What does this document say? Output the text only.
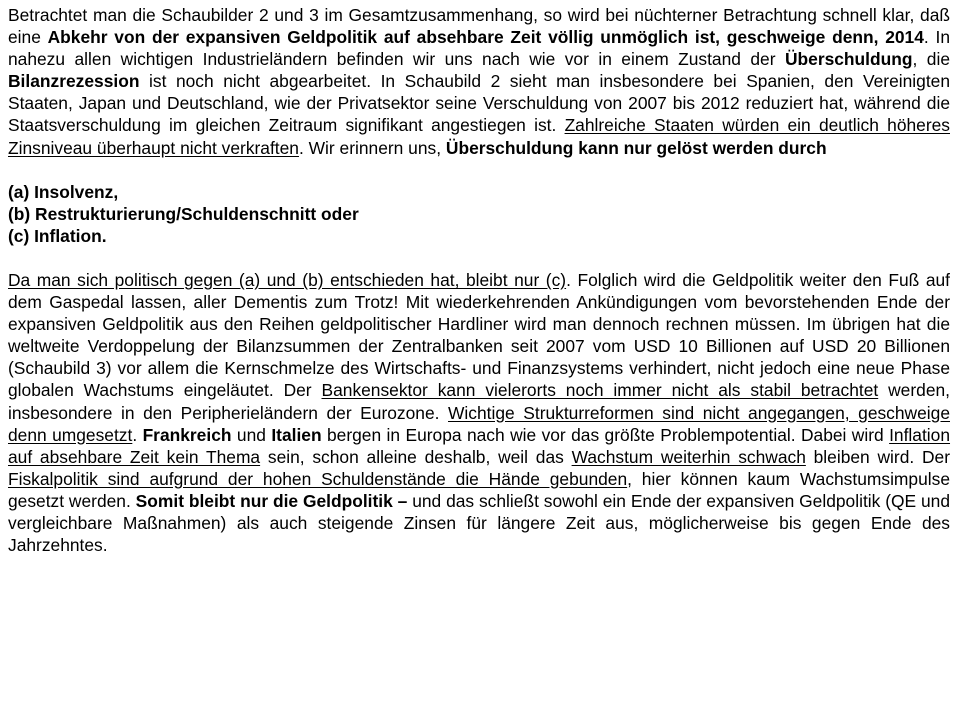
Betrachtet man die Schaubilder 2 und 3 im Gesamtzusammenhang, so wird bei nüchterner Betrachtung schnell klar, daß eine Abkehr von der expansiven Geldpolitik auf absehbare Zeit völlig unmöglich ist, geschweige denn, 2014. In nahezu allen wichtigen Industrieländern befinden wir uns nach wie vor in einem Zustand der Überschuldung, die Bilanzrezession ist noch nicht abgearbeitet. In Schaubild 2 sieht man insbesondere bei Spanien, den Vereinigten Staaten, Japan und Deutschland, wie der Privatsektor seine Verschuldung von 2007 bis 2012 reduziert hat, während die Staatsverschuldung im gleichen Zeitraum signifikant angestiegen ist. Zahlreiche Staaten würden ein deutlich höheres Zinsniveau überhaupt nicht verkraften. Wir erinnern uns, Überschuldung kann nur gelöst werden durch

(a) Insolvenz,
(b) Restrukturierung/Schuldenschnitt oder
(c) Inflation.

Da man sich politisch gegen (a) und (b) entschieden hat, bleibt nur (c). Folglich wird die Geldpolitik weiter den Fuß auf dem Gaspedal lassen, aller Dementis zum Trotz! Mit wiederkehrenden Ankündigungen vom bevorstehenden Ende der expansiven Geldpolitik aus den Reihen geldpolitischer Hardliner wird man dennoch rechnen müssen. Im übrigen hat die weltweite Verdoppelung der Bilanzsummen der Zentralbanken seit 2007 vom USD 10 Billionen auf USD 20 Billionen (Schaubild 3) vor allem die Kernschmelze des Wirtschafts- und Finanzsystems verhindert, nicht jedoch eine neue Phase globalen Wachstums eingeläutet. Der Bankensektor kann vielerorts noch immer nicht als stabil betrachtet werden, insbesondere in den Peripherieländern der Eurozone. Wichtige Strukturreformen sind nicht angegangen, geschweige denn umgesetzt. Frankreich und Italien bergen in Europa nach wie vor das größte Problempotential. Dabei wird Inflation auf absehbare Zeit kein Thema sein, schon alleine deshalb, weil das Wachstum weiterhin schwach bleiben wird. Der Fiskalpolitik sind aufgrund der hohen Schuldenstände die Hände gebunden, hier können kaum Wachstumsimpulse gesetzt werden. Somit bleibt nur die Geldpolitik – und das schließt sowohl ein Ende der expansiven Geldpolitik (QE und vergleichbare Maßnahmen) als auch steigende Zinsen für längere Zeit aus, möglicherweise bis gegen Ende des Jahrzehntes.
